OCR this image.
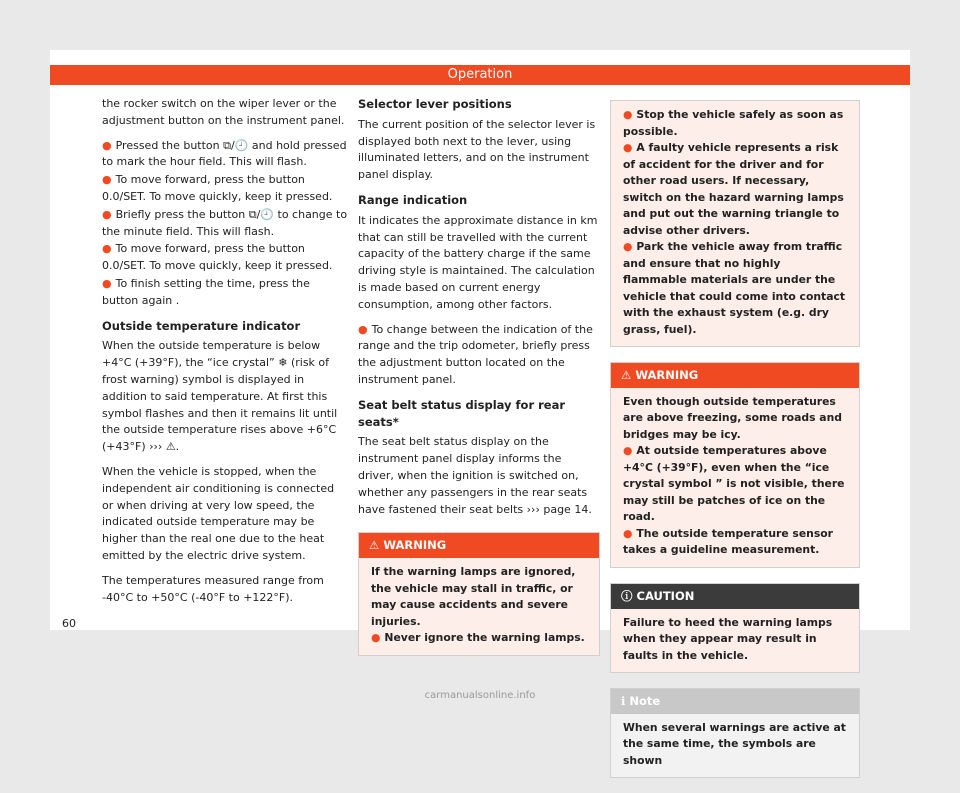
Operation

the rocker switch on the wiper lever or the adjustment button on the instrument panel.

● Pressed the button ⧉/🕘 and hold pressed to mark the hour field. This will flash.
● To move forward, press the button 0.0/SET. To move quickly, keep it pressed.
● Briefly press the button ⧉/🕘 to change to the minute field. This will flash.
● To move forward, press the button 0.0/SET. To move quickly, keep it pressed.
● To finish setting the time, press the button again .
Outside temperature indicator

When the outside temperature is below +4°C (+39°F), the “ice crystal” ❄ (risk of frost warning) symbol is displayed in addition to said temperature. At first this symbol flashes and then it remains lit until the outside temperature rises above +6°C (+43°F) ››› ⚠.

When the vehicle is stopped, when the independent air conditioning is connected or when driving at very low speed, the indicated outside temperature may be higher than the real one due to the heat emitted by the electric drive system.

The temperatures measured range from -40°C to +50°C (-40°F to +122°F).

Selector lever positions

The current position of the selector lever is displayed both next to the lever, using illuminated letters, and on the instrument panel display.

Range indication

It indicates the approximate distance in km that can still be travelled with the current capacity of the battery charge if the same driving style is maintained. The calculation is made based on current energy consumption, among other factors.

● To change between the indication of the range and the trip odometer, briefly press the adjustment button located on the instrument panel.
Seat belt status display for rear seats*

The seat belt status display on the instrument panel display informs the driver, when the ignition is switched on, whether any passengers in the rear seats have fastened their seat belts ››› page 14.

⚠ WARNING
If the warning lamps are ignored, the vehicle may stall in traffic, or may cause accidents and severe injuries.
● Never ignore the warning lamps.
● Stop the vehicle safely as soon as possible.
● A faulty vehicle represents a risk of accident for the driver and for other road users. If necessary, switch on the hazard warning lamps and put out the warning triangle to advise other drivers.
● Park the vehicle away from traffic and ensure that no highly flammable materials are under the vehicle that could come into contact with the exhaust system (e.g. dry grass, fuel).
⚠ WARNING
Even though outside temperatures are above freezing, some roads and bridges may be icy.
● At outside temperatures above +4°C (+39°F), even when the “ice crystal symbol ” is not visible, there may still be patches of ice on the road.
● The outside temperature sensor takes a guideline measurement.
ⓘ CAUTION
Failure to heed the warning lamps when they appear may result in faults in the vehicle.
ℹ Note
When several warnings are active at the same time, the symbols are shown
60
carmanualsonline.info
